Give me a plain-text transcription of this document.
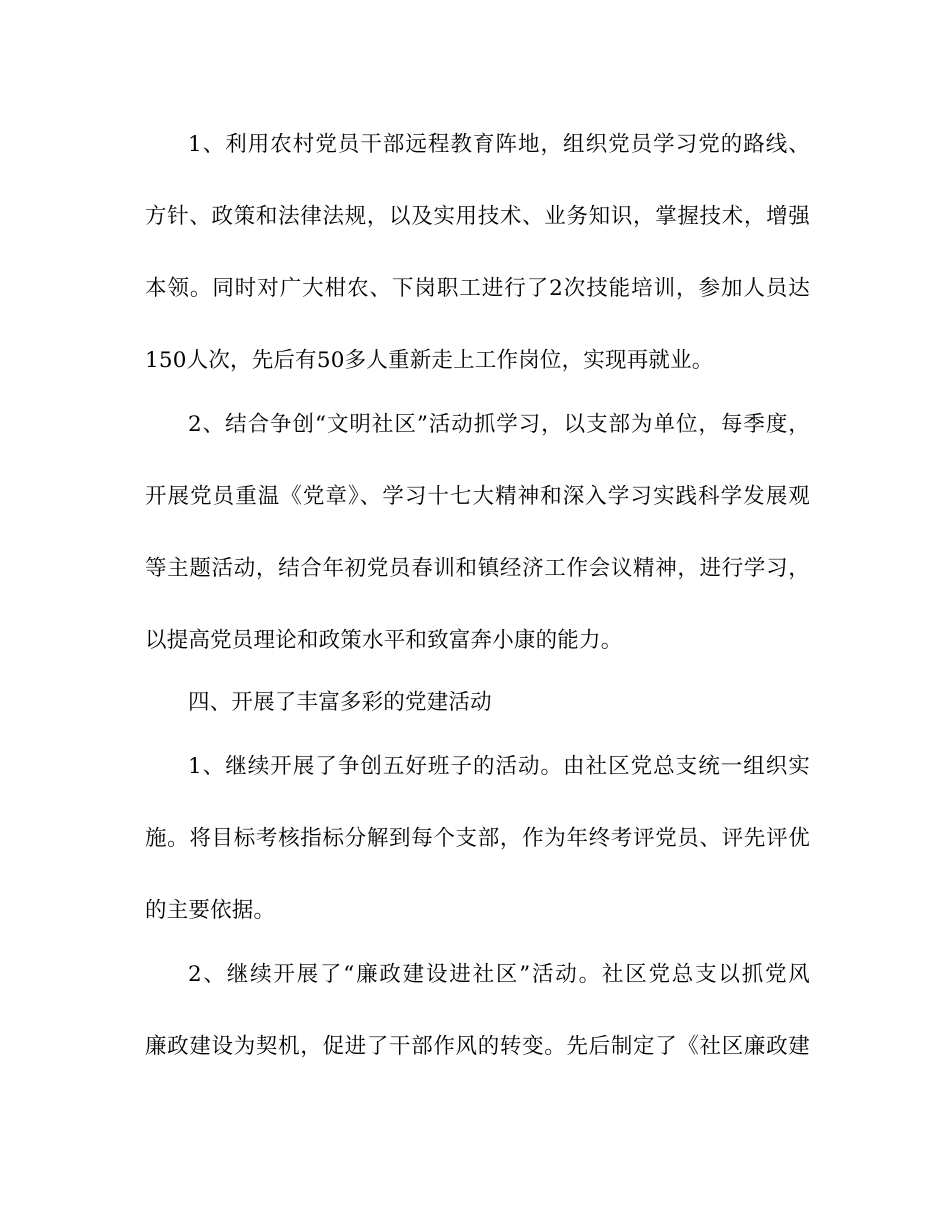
1、利用农村党员干部远程教育阵地，组织党员学习党的路线、
方针、政策和法律法规，以及实用技术、业务知识，掌握技术，增强
本领。同时对广大柑农、下岗职工进行了2次技能培训，参加人员达
150人次，先后有50多人重新走上工作岗位，实现再就业。
2、结合争创“文明社区”活动抓学习，以支部为单位，每季度，
开展党员重温《党章》、学习十七大精神和深入学习实践科学发展观
等主题活动，结合年初党员春训和镇经济工作会议精神，进行学习，
以提高党员理论和政策水平和致富奔小康的能力。
四、开展了丰富多彩的党建活动
1、继续开展了争创五好班子的活动。由社区党总支统一组织实
施。将目标考核指标分解到每个支部，作为年终考评党员、评先评优
的主要依据。
2、继续开展了“廉政建设进社区”活动。社区党总支以抓党风
廉政建设为契机，促进了干部作风的转变。先后制定了《社区廉政建
